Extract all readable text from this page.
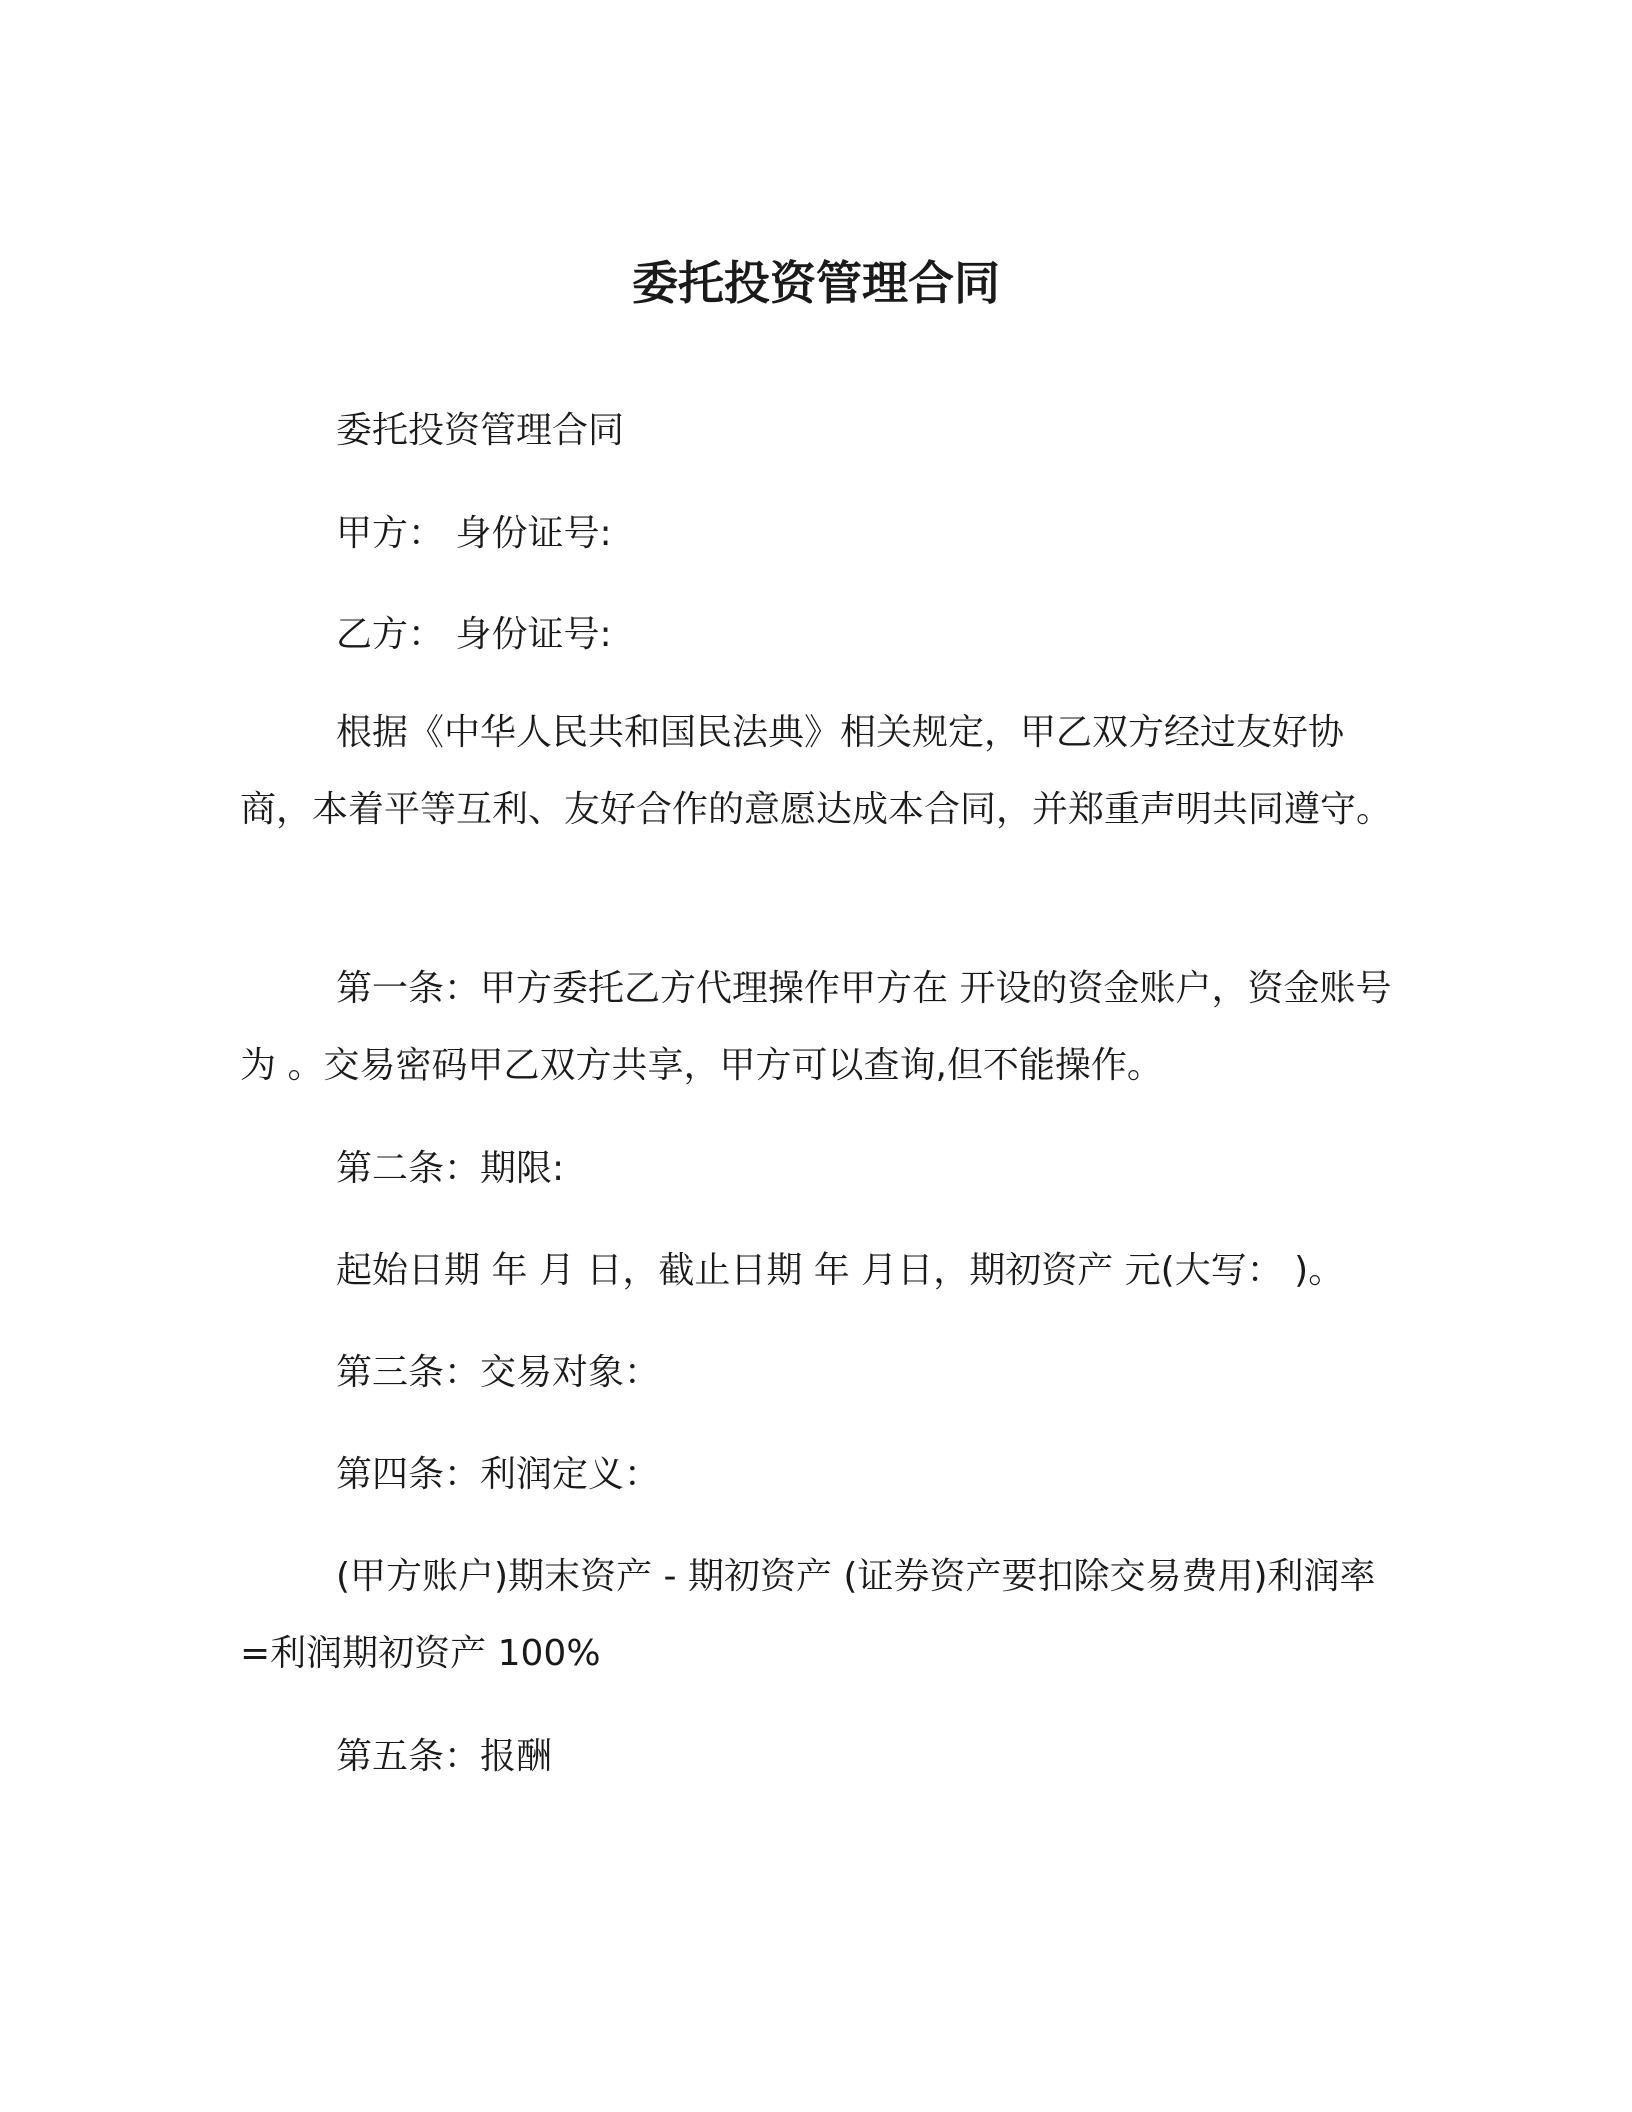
委托投资管理合同

委托投资管理合同

甲方： 身份证号:

乙方： 身份证号:

根据《中华人民共和国民法典》相关规定，甲乙双方经过友好协商，本着平等互利、友好合作的意愿达成本合同，并郑重声明共同遵守。

第一条：甲方委托乙方代理操作甲方在 开设的资金账户，资金账号为 。交易密码甲乙双方共享，甲方可以查询,但不能操作。

第二条：期限:

起始日期 年 月 日，截止日期 年 月日，期初资产 元(大写： )。

第三条：交易对象：

第四条：利润定义：

(甲方账户)期末资产 - 期初资产 (证券资产要扣除交易费用)利润率=利润期初资产 100%

第五条：报酬
